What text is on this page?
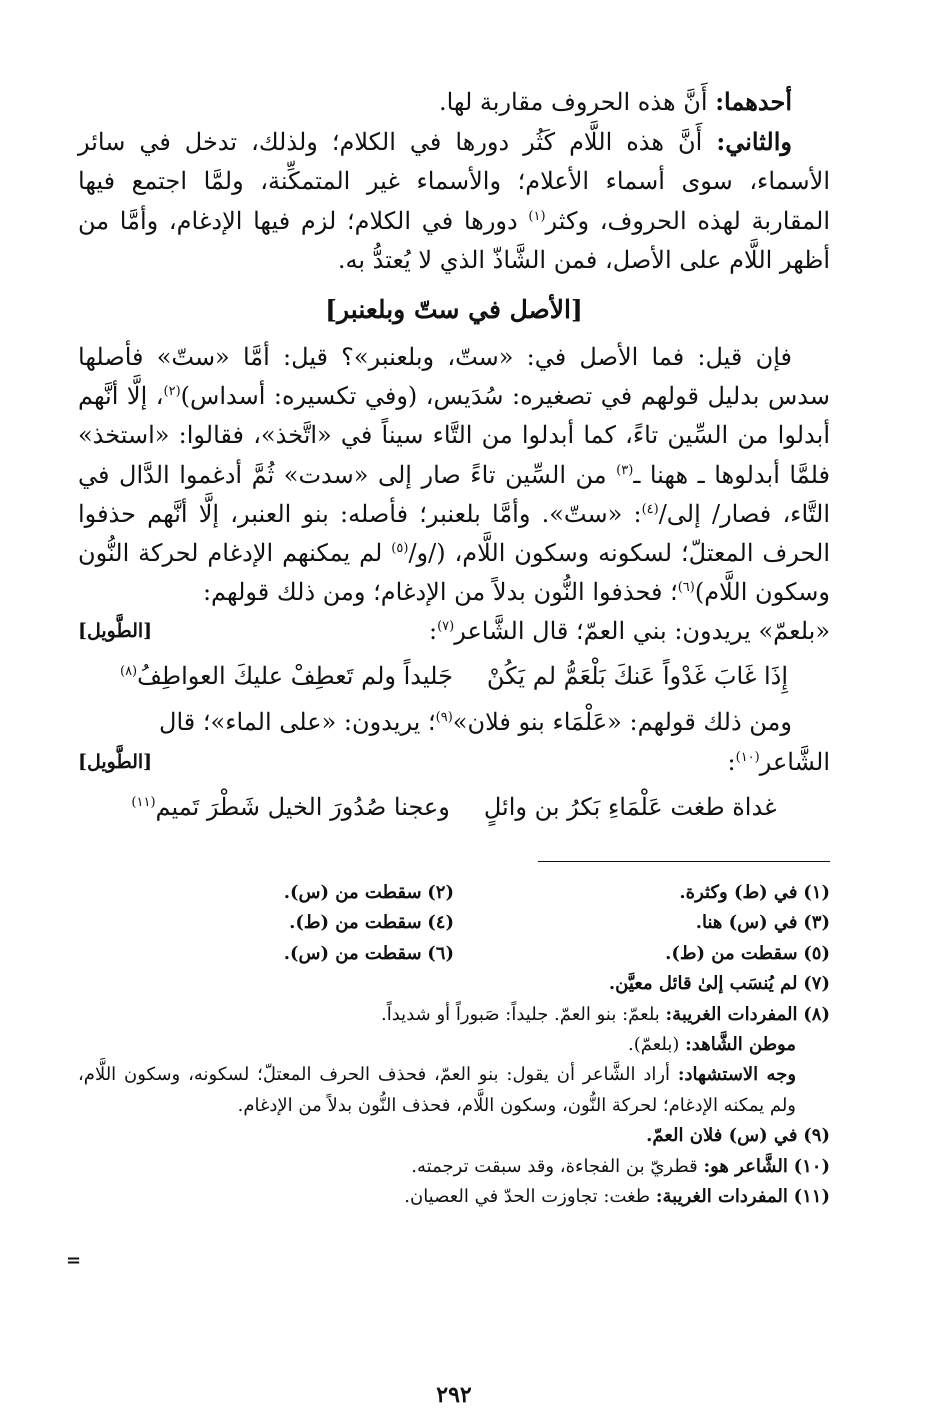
أحدهما: أَنَّ هذه الحروف مقاربة لها.

والثاني: أَنَّ هذه اللَّام كَثُر دورها في الكلام؛ ولذلك، تدخل في سائر الأسماء، سوى أسماء الأعلام؛ والأسماء غير المتمكِّنة، ولمَّا اجتمع فيها المقاربة لهذه الحروف، وكثر$^{(١)}$ دورها في الكلام؛ لزم فيها الإدغام، وأمَّا من أظهر اللَّام على الأصل، فمن الشَّاذّ الذي لا يُعتدُّ به.

[الأصل في ستّ وبلعنبر]

فإن قيل: فما الأصل في: «ستّ، وبلعنبر»؟ قيل: أمَّا «ستّ» فأصلها سدس بدليل قولهم في تصغيره: سُدَيس، (وفي تكسيره: أسداس)$^{(٢)}$، إلَّا أنَّهم أبدلوا من السِّين تاءً، كما أبدلوا من التَّاء سيناً في «اتَّخذ»، فقالوا: «استخذ» فلمَّا أبدلوها ـ ههنا ـ$^{(٣)}$ من السِّين تاءً صار إلى «سدت» ثُمَّ أدغموا الدَّال في التَّاء، فصار/ إلى/$^{(٤)}$: «ستّ». وأمَّا بلعنبر؛ فأصله: بنو العنبر، إلَّا أنَّهم حذفوا الحرف المعتلّ؛ لسكونه وسكون اللَّام، (/و/$^{(٥)}$ لم يمكنهم الإدغام لحركة النُّون وسكون اللَّام)$^{(٦)}$؛ فحذفوا النُّون بدلاً من الإدغام؛ ومن ذلك قولهم:

«بلعمّ» يريدون: بني العمّ؛ قال الشَّاعر$^{(٧)}$:
[الطَّويل]
إِذَا غَابَ غَدْواً عَنكَ بَلْعَمُّ لم يَكُنْ
جَليداً ولم تَعطِفْ عليكَ العواطِفُ$^{(٨)}$

ومن ذلك قولهم: «عَلْمَاء بنو فلان»$^{(٩)}$؛ يريدون: «على الماء»؛ قال

الشَّاعر$^{(١٠)}$:
[الطَّويل]
غداة طغت عَلْمَاءِ بَكرُ بن وائلٍ
وعجنا صُدُورَ الخيل شَطْرَ تَميم$^{(١١)}$
(١) في (ط) وكثرة.
(٢) سقطت من (س).
(٣) في (س) هنا.
(٤) سقطت من (ط).
(٥) سقطت من (ط).
(٦) سقطت من (س).
(٧) لم يُنسَب إلىٰ قائل معيَّن.
(٨) المفردات الغريبة: بلعمّ: بنو العمّ. جليداً: صَبوراً أو شديداً.
موطن الشَّاهد: (بلعمّ).
وجه الاستشهاد: أراد الشَّاعر أن يقول: بنو العمّ، فحذف الحرف المعتلّ؛ لسكونه، وسكون اللَّام، ولم يمكنه الإدغام؛ لحركة النُّون، وسكون اللَّام، فحذف النُّون بدلاً من الإدغام.
(٩) في (س) فلان العمّ.
(١٠) الشَّاعر هو: قطريّ بن الفجاءة، وقد سبقت ترجمته.
(١١) المفردات الغريبة: طغت: تجاوزت الحدّ في العصيان.
٢٩٢
=
